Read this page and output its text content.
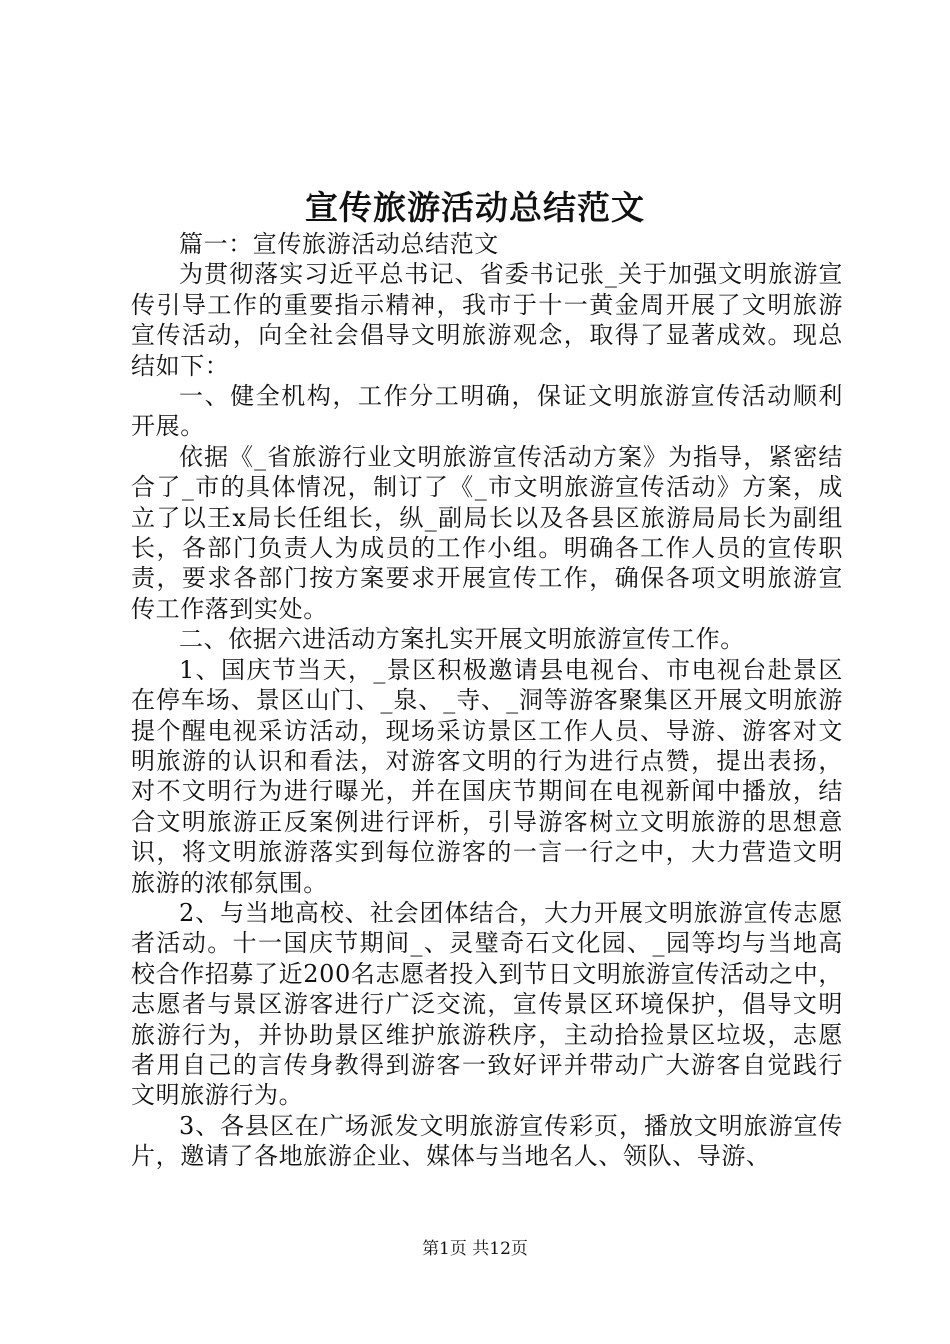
宣传旅游活动总结范文

篇一：宣传旅游活动总结范文

为贯彻落实习近平总书记、省委书记张_关于加强文明旅游宣传引导工作的重要指示精神，我市于十一黄金周开展了文明旅游宣传活动，向全社会倡导文明旅游观念，取得了显著成效。现总结如下：

一、健全机构，工作分工明确，保证文明旅游宣传活动顺利开展。

依据《_省旅游行业文明旅游宣传活动方案》为指导，紧密结合了_市的具体情况，制订了《_市文明旅游宣传活动》方案，成立了以王x局长任组长，纵_副局长以及各县区旅游局局长为副组长，各部门负责人为成员的工作小组。明确各工作人员的宣传职责，要求各部门按方案要求开展宣传工作，确保各项文明旅游宣传工作落到实处。

二、依据六进活动方案扎实开展文明旅游宣传工作。

1、国庆节当天，_景区积极邀请县电视台、市电视台赴景区在停车场、景区山门、_泉、_寺、_洞等游客聚集区开展文明旅游提个醒电视采访活动，现场采访景区工作人员、导游、游客对文明旅游的认识和看法，对游客文明的行为进行点赞，提出表扬，对不文明行为进行曝光，并在国庆节期间在电视新闻中播放，结合文明旅游正反案例进行评析，引导游客树立文明旅游的思想意识，将文明旅游落实到每位游客的一言一行之中，大力营造文明旅游的浓郁氛围。

2、与当地高校、社会团体结合，大力开展文明旅游宣传志愿者活动。十一国庆节期间_、灵璧奇石文化园、_园等均与当地高校合作招募了近200名志愿者投入到节日文明旅游宣传活动之中，志愿者与景区游客进行广泛交流，宣传景区环境保护，倡导文明旅游行为，并协助景区维护旅游秩序，主动拾捡景区垃圾，志愿者用自己的言传身教得到游客一致好评并带动广大游客自觉践行文明旅游行为。

3、各县区在广场派发文明旅游宣传彩页，播放文明旅游宣传片，邀请了各地旅游企业、媒体与当地名人、领队、导游、

第1页 共12页
